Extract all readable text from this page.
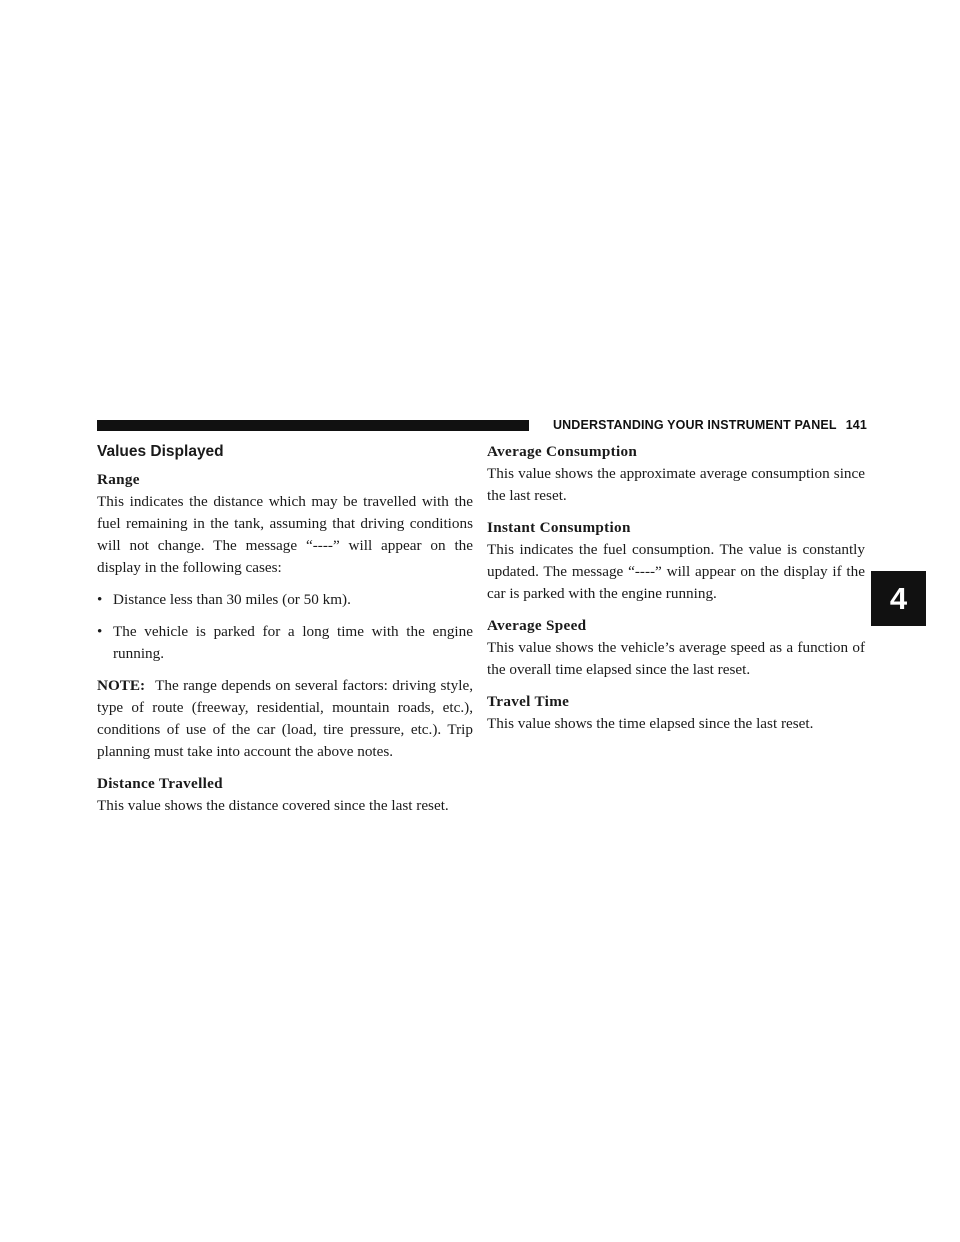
UNDERSTANDING YOUR INSTRUMENT PANEL 141
4
Values Displayed
Range

This indicates the distance which may be travelled with the fuel remaining in the tank, assuming that driving conditions will not change. The message “----” will appear on the display in the following cases:

• Distance less than 30 miles (or 50 km).
• The vehicle is parked for a long time with the engine running.

NOTE: The range depends on several factors: driving style, type of route (freeway, residential, mountain roads, etc.), conditions of use of the car (load, tire pressure, etc.). Trip planning must take into account the above notes.

Distance Travelled

This value shows the distance covered since the last reset.

Average Consumption

This value shows the approximate average consumption since the last reset.

Instant Consumption

This indicates the fuel consumption. The value is constantly updated. The message “----” will appear on the display if the car is parked with the engine running.

Average Speed

This value shows the vehicle’s average speed as a function of the overall time elapsed since the last reset.

Travel Time

This value shows the time elapsed since the last reset.
